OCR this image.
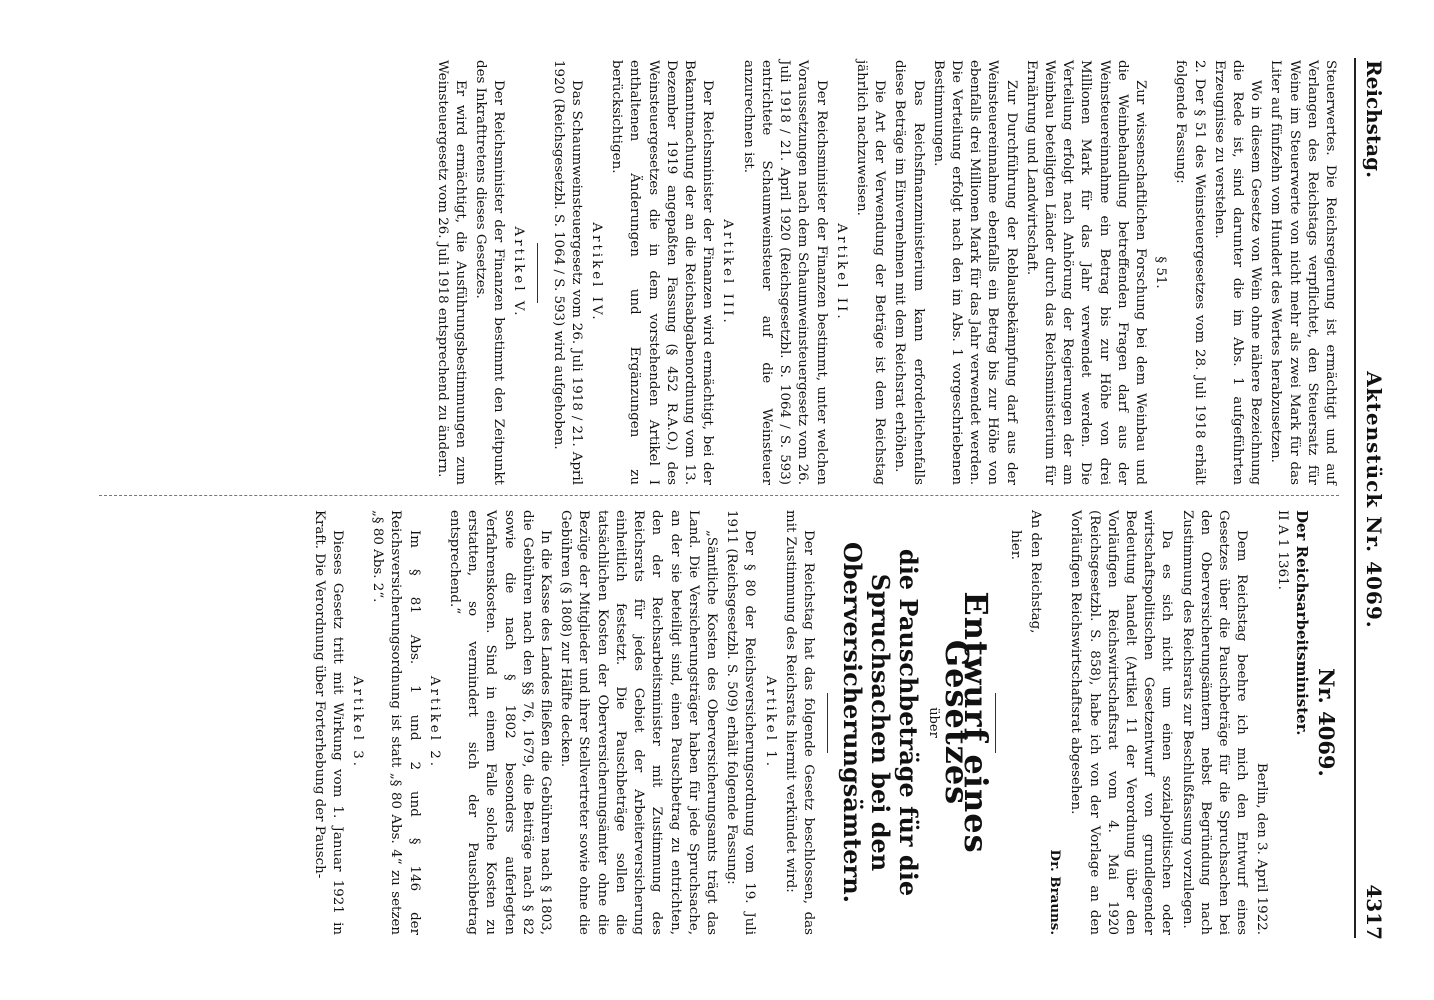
Reichstag.
Aktenstück Nr. 4069.
4317

Steuerwertes. Die Reichsregierung ist ermächtigt und auf Verlangen des Reichstags verpflichtet, den Steuersatz für Weine im Steuerwerte von nicht mehr als zwei Mark für das Liter auf fünfzehn vom Hundert des Wertes herabzusetzen.

Wo in diesem Gesetze von Wein ohne nähere Bezeichnung die Rede ist, sind darunter die im Abs. 1 aufgeführten Erzeugnisse zu verstehen.

2. Der § 51 des Weinsteuergesetzes vom 28. Juli 1918 erhält folgende Fassung:

§ 51.

Zur wissenschaftlichen Forschung bei dem Weinbau und die Weinbehandlung betreffenden Fragen darf aus der Weinsteuereinnahme ein Betrag bis zur Höhe von drei Millionen Mark für das Jahr verwendet werden. Die Verteilung erfolgt nach Anhörung der Regierungen der am Weinbau beteiligten Länder durch das Reichsministerium für Ernährung und Landwirtschaft.

Zur Durchführung der Reblausbekämpfung darf aus der Weinsteuereinnahme ebenfalls ein Betrag bis zur Höhe von ebenfalls drei Millionen Mark für das Jahr verwendet werden. Die Verteilung erfolgt nach den im Abs. 1 vorgeschriebenen Bestimmungen.

Das Reichsfinanzministerium kann erforderlichenfalls diese Beträge im Einvernehmen mit dem Reichsrat erhöhen.

Die Art der Verwendung der Beträge ist dem Reichstag jährlich nachzuweisen.

Artikel II.

Der Reichsminister der Finanzen bestimmt, unter welchen Voraussetzungen nach dem Schaumweinsteuergesetz vom 26. Juli 1918 / 21. April 1920 (Reichsgesetzbl. S. 1064 / S. 593) entrichtete Schaumweinsteuer auf die Weinsteuer anzurechnen ist.

Artikel III.

Der Reichsminister der Finanzen wird ermächtigt, bei der Bekanntmachung der an die Reichsabgabenordnung vom 13. Dezember 1919 angepaßten Fassung (§ 452 R.A.O.) des Weinsteuergesetzes die in dem vorstehenden Artikel I enthaltenen Änderungen und Ergänzungen zu berücksichtigen.

Artikel IV.

Das Schaumweinsteuergesetz vom 26. Juli 1918 / 21. April 1920 (Reichsgesetzbl. S. 1064 / S. 593) wird aufgehoben.

Artikel V.

Der Reichsminister der Finanzen bestimmt den Zeitpunkt des Inkrafttretens dieses Gesetzes.

Er wird ermächtigt, die Ausführungsbestimmungen zum Weinsteuergesetz vom 26. Juli 1918 entsprechend zu ändern.

Nr. 4069.

Der Reichsarbeitsminister.

II A 1 1361.

Berlin, den 3. April 1922.

Dem Reichstag beehre ich mich den Entwurf eines Gesetzes über die Pauschbeträge für die Spruchsachen bei den Oberversicherungsämtern nebst Begründung nach Zustimmung des Reichsrats zur Beschlußfassung vorzulegen.

Da es sich nicht um einen sozialpolitischen oder wirtschaftspolitischen Gesetzentwurf von grundlegender Bedeutung handelt (Artikel 11 der Verordnung über den Vorläufigen Reichswirtschaftsrat vom 4. Mai 1920 (Reichsgesetzbl. S. 858), habe ich von der Vorlage an den Vorläufigen Reichswirtschaftsrat abgesehen.

Dr. Brauns.

An den Reichstag,

hier.

Entwurf eines Gesetzes

über

die Pauschbeträge für die Spruchsachen bei den Oberversicherungsämtern.

Der Reichstag hat das folgende Gesetz beschlossen, das mit Zustimmung des Reichsrats hiermit verkündet wird:

Artikel 1.

Der § 80 der Reichsversicherungsordnung vom 19. Juli 1911 (Reichsgesetzbl. S. 509) erhält folgende Fassung:

„Sämtliche Kosten des Oberversicherungsamts trägt das Land. Die Versicherungsträger haben für jede Spruchsache, an der sie beteiligt sind, einen Pauschbetrag zu entrichten, den der Reichsarbeitsminister mit Zustimmung des Reichsrats für jedes Gebiet der Arbeiterversicherung einheitlich festsetzt. Die Pauschbeträge sollen die tatsächlichen Kosten der Oberversicherungsämter ohne die Bezüge der Mitglieder und ihrer Stellvertreter sowie ohne die Gebühren (§ 1808) zur Hälfte decken.

In die Kasse des Landes fließen die Gebühren nach § 1803, die Gebühren nach den §§ 76, 1679, die Beiträge nach § 82 sowie die nach § 1802 besonders auferlegten Verfahrenskosten. Sind in einem Falle solche Kosten zu erstatten, so vermindert sich der Pauschbetrag entsprechend.“

Artikel 2.

Im § 81 Abs. 1 und 2 und § 146 der Reichsversicherungsordnung ist statt „§ 80 Abs. 4“ zu setzen „§ 80 Abs. 2“.

Artikel 3.

Dieses Gesetz tritt mit Wirkung vom 1. Januar 1921 in Kraft. Die Verordnung über Forterhebung der Pausch-
